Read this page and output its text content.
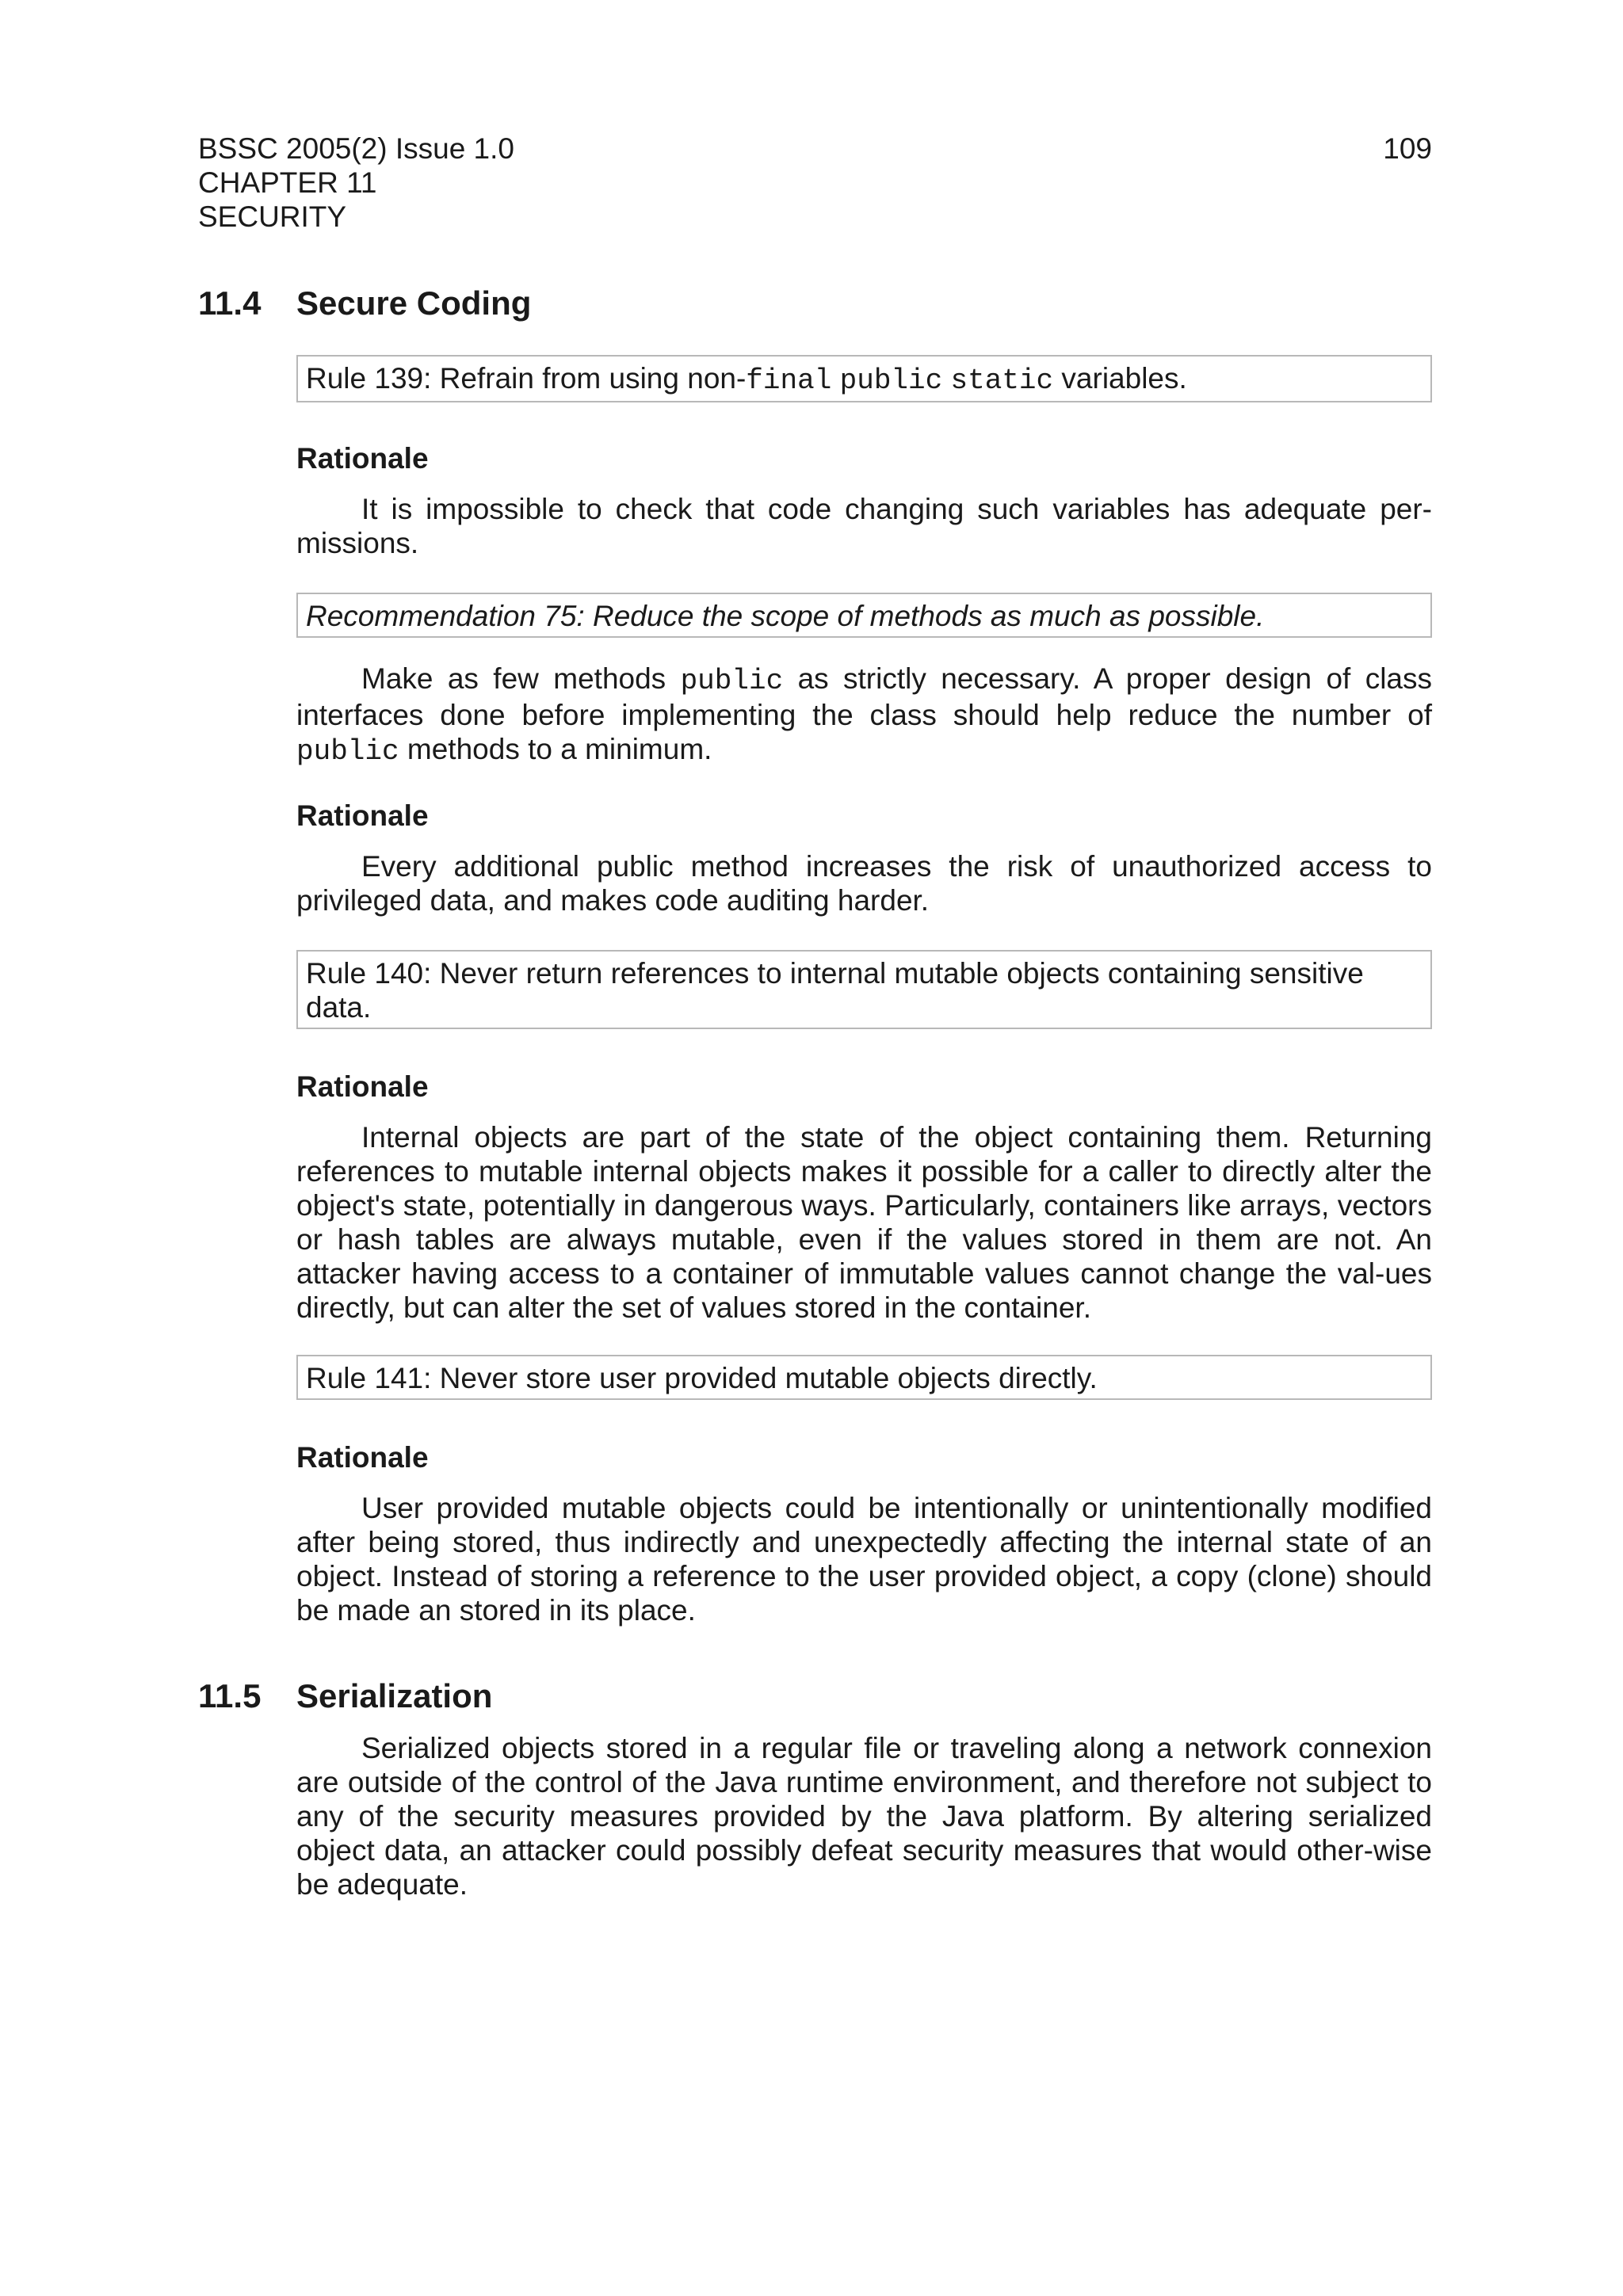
BSSC 2005(2) Issue 1.0
CHAPTER 11
SECURITY
109
11.4 Secure Coding
Rule 139: Refrain from using non-final public static variables.
Rationale

It is impossible to check that code changing such variables has adequate per-missions.

Recommendation 75: Reduce the scope of methods as much as possible.

Make as few methods public as strictly necessary. A proper design of class interfaces done before implementing the class should help reduce the number of public methods to a minimum.

Rationale

Every additional public method increases the risk of unauthorized access to privileged data, and makes code auditing harder.

Rule 140: Never return references to internal mutable objects containing sensitive data.
Rationale

Internal objects are part of the state of the object containing them. Returning references to mutable internal objects makes it possible for a caller to directly alter the object's state, potentially in dangerous ways. Particularly, containers like arrays, vectors or hash tables are always mutable, even if the values stored in them are not. An attacker having access to a container of immutable values cannot change the val-ues directly, but can alter the set of values stored in the container.

Rule 141: Never store user provided mutable objects directly.
Rationale

User provided mutable objects could be intentionally or unintentionally modified after being stored, thus indirectly and unexpectedly affecting the internal state of an object. Instead of storing a reference to the user provided object, a copy (clone) should be made an stored in its place.

11.5 Serialization

Serialized objects stored in a regular file or traveling along a network connexion are outside of the control of the Java runtime environment, and therefore not subject to any of the security measures provided by the Java platform. By altering serialized object data, an attacker could possibly defeat security measures that would other-wise be adequate.
